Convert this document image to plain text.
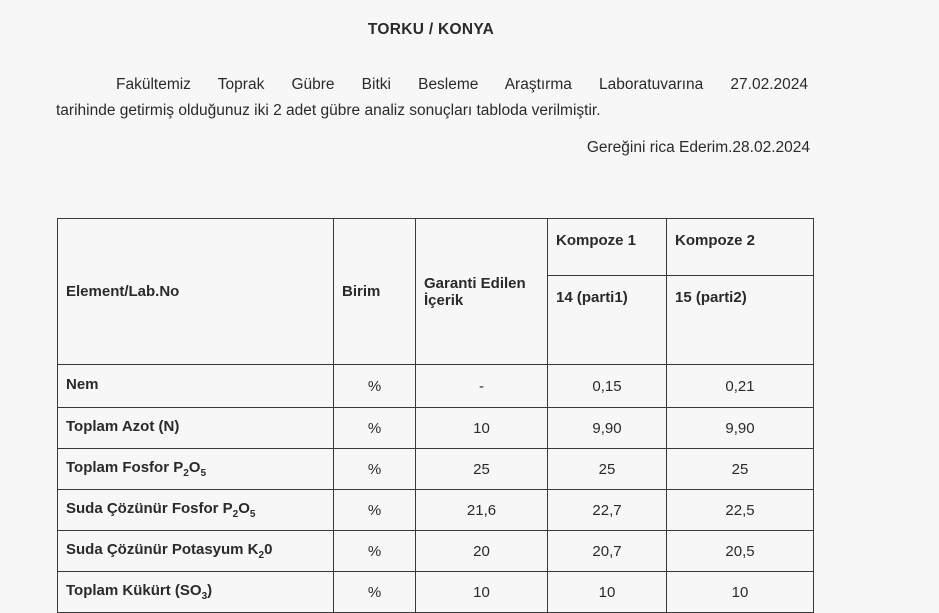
TORKU / KONYA
Fakültemiz Toprak Gübre Bitki Besleme Araştırma Laboratuvarına 27.02.2024
tarihinde getirmiş olduğunuz iki 2 adet gübre analiz sonuçları tabloda verilmiştir.
Gereğini rica Ederim.28.02.2024
Element/Lab.No	Birim	Garanti Edilen İçerik	Kompoze 1	Kompoze 2
			14 (parti1)	15 (parti2)
Nem	%	-	0,15	0,21
Toplam Azot (N)	%	10	9,90	9,90
Toplam Fosfor $P_2O_5$	%	25	25	25
Suda Çözünür Fosfor $P_2O_5$	%	21,6	22,7	22,5
Suda Çözünür Potasyum $K_20$	%	20	20,7	20,5
Toplam Kükürt $(SO_3)$	%	10	10	10
